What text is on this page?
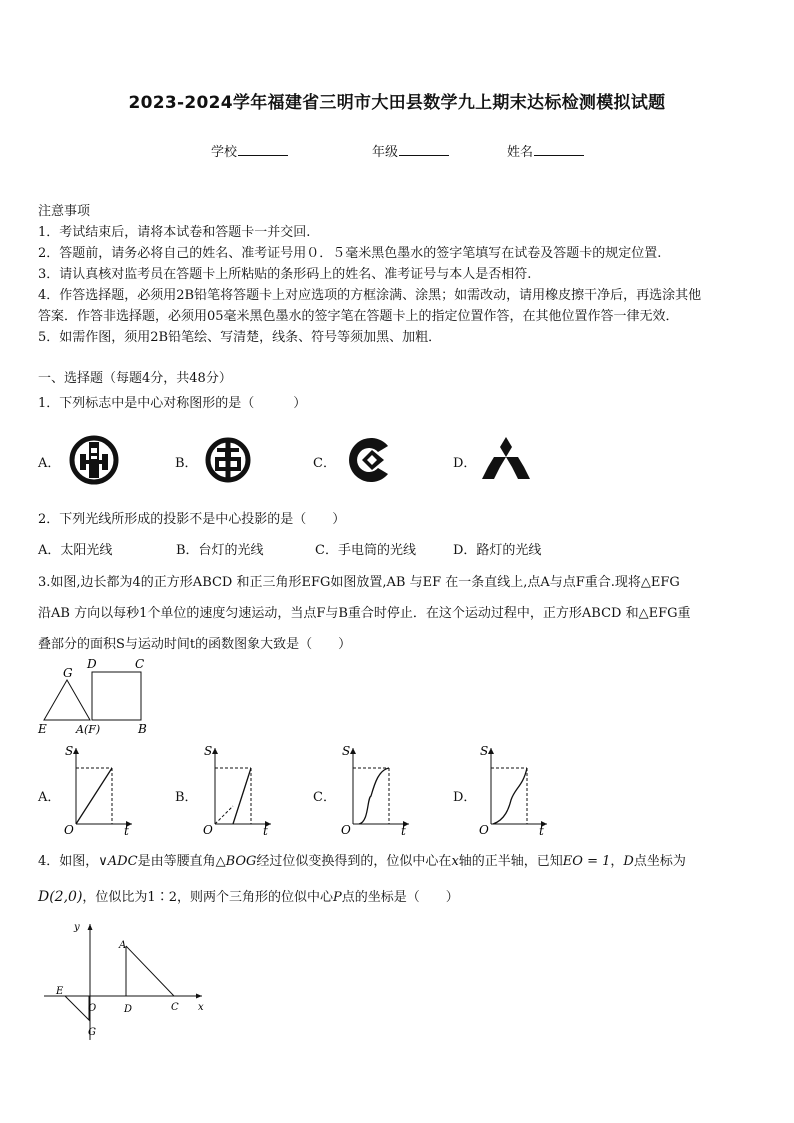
2023-2024学年福建省三明市大田县数学九上期末达标检测模拟试题
学校	年级	姓名
注意事项
1．考试结束后，请将本试卷和答题卡一并交回.
2．答题前，请务必将自己的姓名、准考证号用０．５毫米黑色墨水的签字笔填写在试卷及答题卡的规定位置.
3．请认真核对监考员在答题卡上所粘贴的条形码上的姓名、准考证号与本人是否相符.
4．作答选择题，必须用2B铅笔将答题卡上对应选项的方框涂满、涂黑；如需改动，请用橡皮擦干净后，再选涂其他
答案．作答非选择题，必须用05毫米黑色墨水的签字笔在答题卡上的指定位置作答，在其他位置作答一律无效．
5．如需作图，须用2B铅笔绘、写清楚，线条、符号等须加黑、加粗．
一、选择题（每题4分，共48分）
1．下列标志中是中心对称图形的是（　　　）
A．	B．	C．	D．
2．下列光线所形成的投影不是中心投影的是（　　）
A．太阳光线	B．台灯的光线	C．手电筒的光线	D．路灯的光线
3.如图,边长都为4的正方形ABCD 和正三角形EFG如图放置,AB 与EF 在一条直线上,点A与点F重合.现将△EFG
沿AB 方向以每秒1个单位的速度匀速运动，当点F与B重合时停止．在这个运动过程中，正方形ABCD 和△EFG重
叠部分的面积S与运动时间t的函数图象大致是（　　）
G
D	C
E	A(F)	B
A．
S
O	t
B．
S
O	t
C．
S
O	t
D．
S
O	t
4．如图，∨ADC是由等腰直角△BOG经过位似变换得到的，位似中心在x轴的正半轴，已知EO = 1，D点坐标为
D(2,0)，位似比为1∶2，则两个三角形的位似中心P点的坐标是（　　）
y
x
A
E
O	D	C
G
